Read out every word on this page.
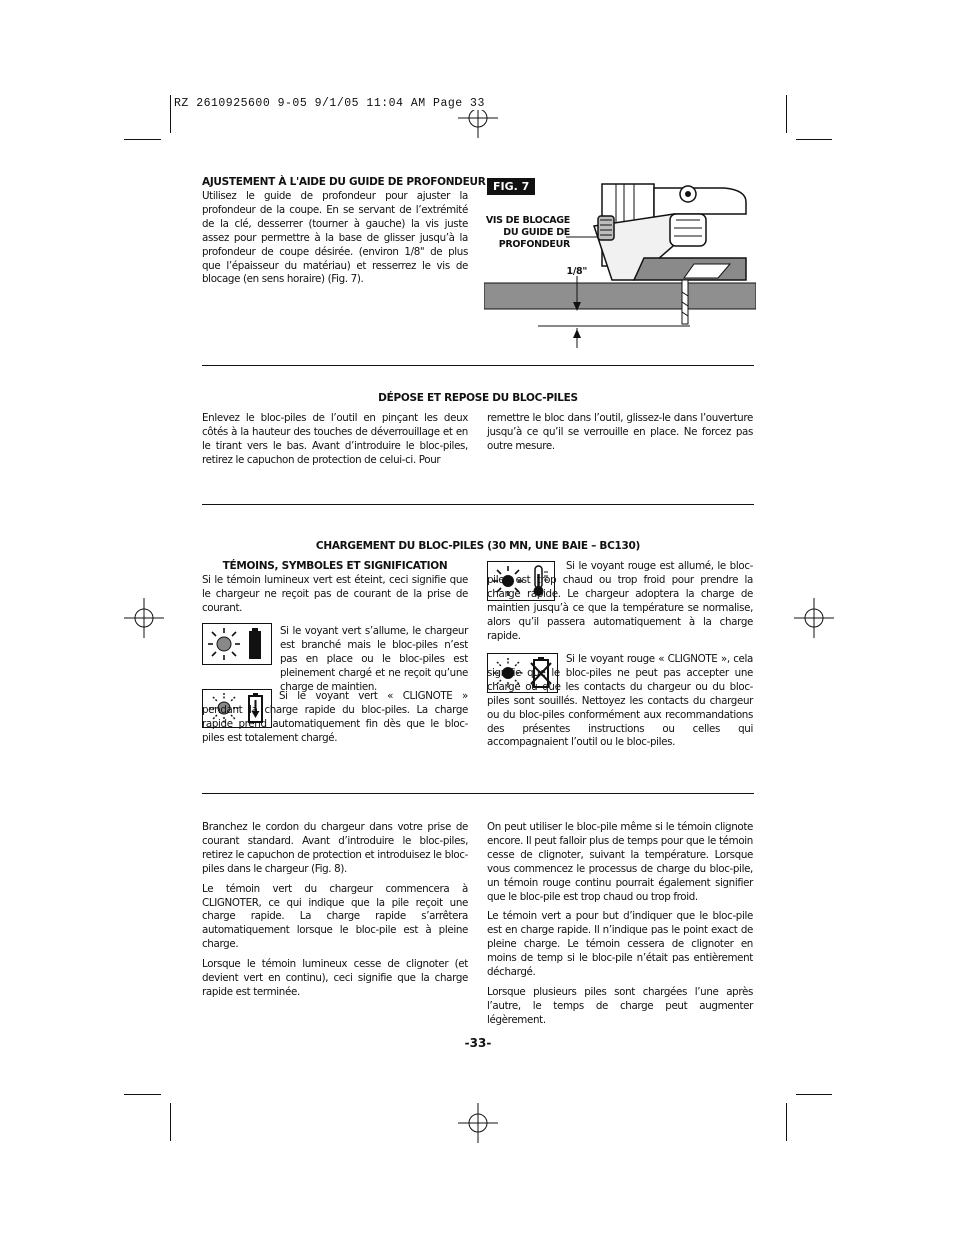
RZ 2610925600 9-05 9/1/05 11:04 AM Page 33
AJUSTEMENT À L'AIDE DU GUIDE DE PROFONDEUR
Utilisez le guide de profondeur pour ajuster la profondeur de la coupe. En se servant de l’extrémité de la clé, desserrer (tourner à gauche) la vis juste assez pour permettre à la base de glisser jusqu’à la profondeur de coupe désirée. (environ 1/8" de plus que l’épaisseur du matériau) et resserrez le vis de blocage (en sens horaire) (Fig. 7).
FIG. 7
VIS DE BLOCAGE
DU GUIDE DE
PROFONDEUR
1/8"
DÉPOSE ET REPOSE DU BLOC-PILES
Enlevez le bloc-piles de l’outil en pinçant les deux côtés à la hauteur des touches de déverrouillage et en le tirant vers le bas. Avant d’introduire le bloc-piles, retirez le capuchon de protection de celui-ci. Pour
remettre le bloc dans l’outil, glissez-le dans l’ouverture jusqu’à ce qu’il se verrouille en place. Ne forcez pas outre mesure.
CHARGEMENT DU BLOC-PILES (30 MN, UNE BAIE – BC130)
TÉMOINS, SYMBOLES ET SIGNIFICATION
Si le témoin lumineux vert est éteint, ceci signifie que le chargeur ne reçoit pas de courant de la prise de courant.
Si le voyant vert s’allume, le chargeur est branché mais le bloc-piles n’est pas en place ou le bloc-piles est pleinement chargé et ne reçoit qu’une charge de maintien.
Si le voyant vert « CLIGNOTE » pendant la charge rapide du bloc-piles. La charge rapide prend automatiquement fin dès que le bloc-piles est totalement chargé.
Si le voyant rouge est allumé, le bloc-piles est trop chaud ou trop froid pour prendre la charge rapide. Le chargeur adoptera la charge de maintien jusqu’à ce que la température se normalise, alors qu’il passera automatiquement à la charge rapide.
Si le voyant rouge « CLIGNOTE », cela signifie que le bloc-piles ne peut pas accepter une charge ou que les contacts du chargeur ou du bloc-piles sont souillés. Nettoyez les contacts du chargeur ou du bloc-piles conformément aux recommandations des présentes instructions ou celles qui accompagnaient l’outil ou le bloc-piles.

Branchez le cordon du chargeur dans votre prise de courant standard. Avant d’introduire le bloc-piles, retirez le capuchon de protection et introduisez le bloc-piles dans le chargeur (Fig. 8).

Le témoin vert du chargeur commencera à CLIGNOTER, ce qui indique que la pile reçoit une charge rapide. La charge rapide s’arrêtera automatiquement lorsque le bloc-pile est à pleine charge.

Lorsque le témoin lumineux cesse de clignoter (et devient vert en continu), ceci signifie que la charge rapide est terminée.

On peut utiliser le bloc-pile même si le témoin clignote encore. Il peut falloir plus de temps pour que le témoin cesse de clignoter, suivant la température. Lorsque vous commencez le processus de charge du bloc-pile, un témoin rouge continu pourrait également signifier que le bloc-pile est trop chaud ou trop froid.

Le témoin vert a pour but d’indiquer que le bloc-pile est en charge rapide. Il n’indique pas le point exact de pleine charge. Le témoin cessera de clignoter en moins de temp si le bloc-pile n’était pas entièrement déchargé.

Lorsque plusieurs piles sont chargées l’une après l’autre, le temps de charge peut augmenter légèrement.

-33-
